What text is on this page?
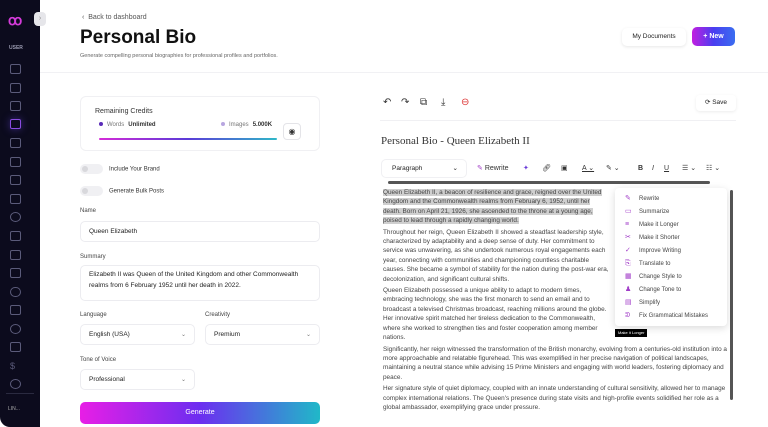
ꝏ
USER
$
LIN...
›	‹  Back to dashboard
Personal Bio
Generate compelling personal biographies for professional profiles and portfolios.
My Documents	+ New
Remaining Credits
Words Unlimited	Images 5.000K
◉
Include Your Brand
Generate Bulk Posts
Name
Queen Elizabeth
Summary
Elizabeth II was Queen of the United Kingdom and other Commonwealth realms from 6 February 1952 until her death in 2022.
Language
English (USA)	⌄
Creativity
Premium	⌄
Tone of Voice
Professional	⌄
Generate
↶ ↷ ⧉ ⤓ ⊖	⟳ Save
Personal Bio - Queen Elizabeth II
Paragraph	⌄	✎ Rewrite ✦ 🔗︎ ▣ A ⌄ ✎ ⌄	B I U ☰ ⌄ ☷ ⌄
✎ Rewrite
▭ Summarize
≡ Make it Longer
✂ Make it Shorter
✓ Improve Writing
⎘ Translate to
▦ Change Style to
♟ Change Tone to
▤ Simplify
ᕲ Fix Grammatical Mistakes
Make it Longer

Queen Elizabeth II, a beacon of resilience and grace, reigned over the United Kingdom and the Commonwealth realms from February 6, 1952, until her death. Born on April 21, 1926, she ascended to the throne at a young age, poised to lead through a rapidly changing world.

Throughout her reign, Queen Elizabeth II showed a steadfast leadership style, characterized by adaptability and a deep sense of duty. Her commitment to service was unwavering, as she undertook numerous royal engagements each year, connecting with communities and championing countless charitable causes. She became a symbol of stability for the nation during the post-war era, decolonization, and significant cultural shifts.

Queen Elizabeth possessed a unique ability to adapt to modern times, embracing technology, she was the first monarch to send an email and to broadcast a televised Christmas broadcast, reaching millions around the globe. Her innovative spirit matched her tireless dedication to the Commonwealth, where she worked to strengthen ties and foster cooperation among member nations.

Significantly, her reign witnessed the transformation of the British monarchy, evolving from a centuries-old institution into a more approachable and relatable figurehead. This was exemplified in her precise navigation of political landscapes, maintaining a neutral stance while advising 15 Prime Ministers and engaging with world leaders, fostering diplomacy and peace.

Her signature style of quiet diplomacy, coupled with an innate understanding of cultural sensitivity, allowed her to manage complex international relations. The Queen's presence during state visits and high-profile events solidified her role as a global ambassador, exemplifying grace under pressure.
